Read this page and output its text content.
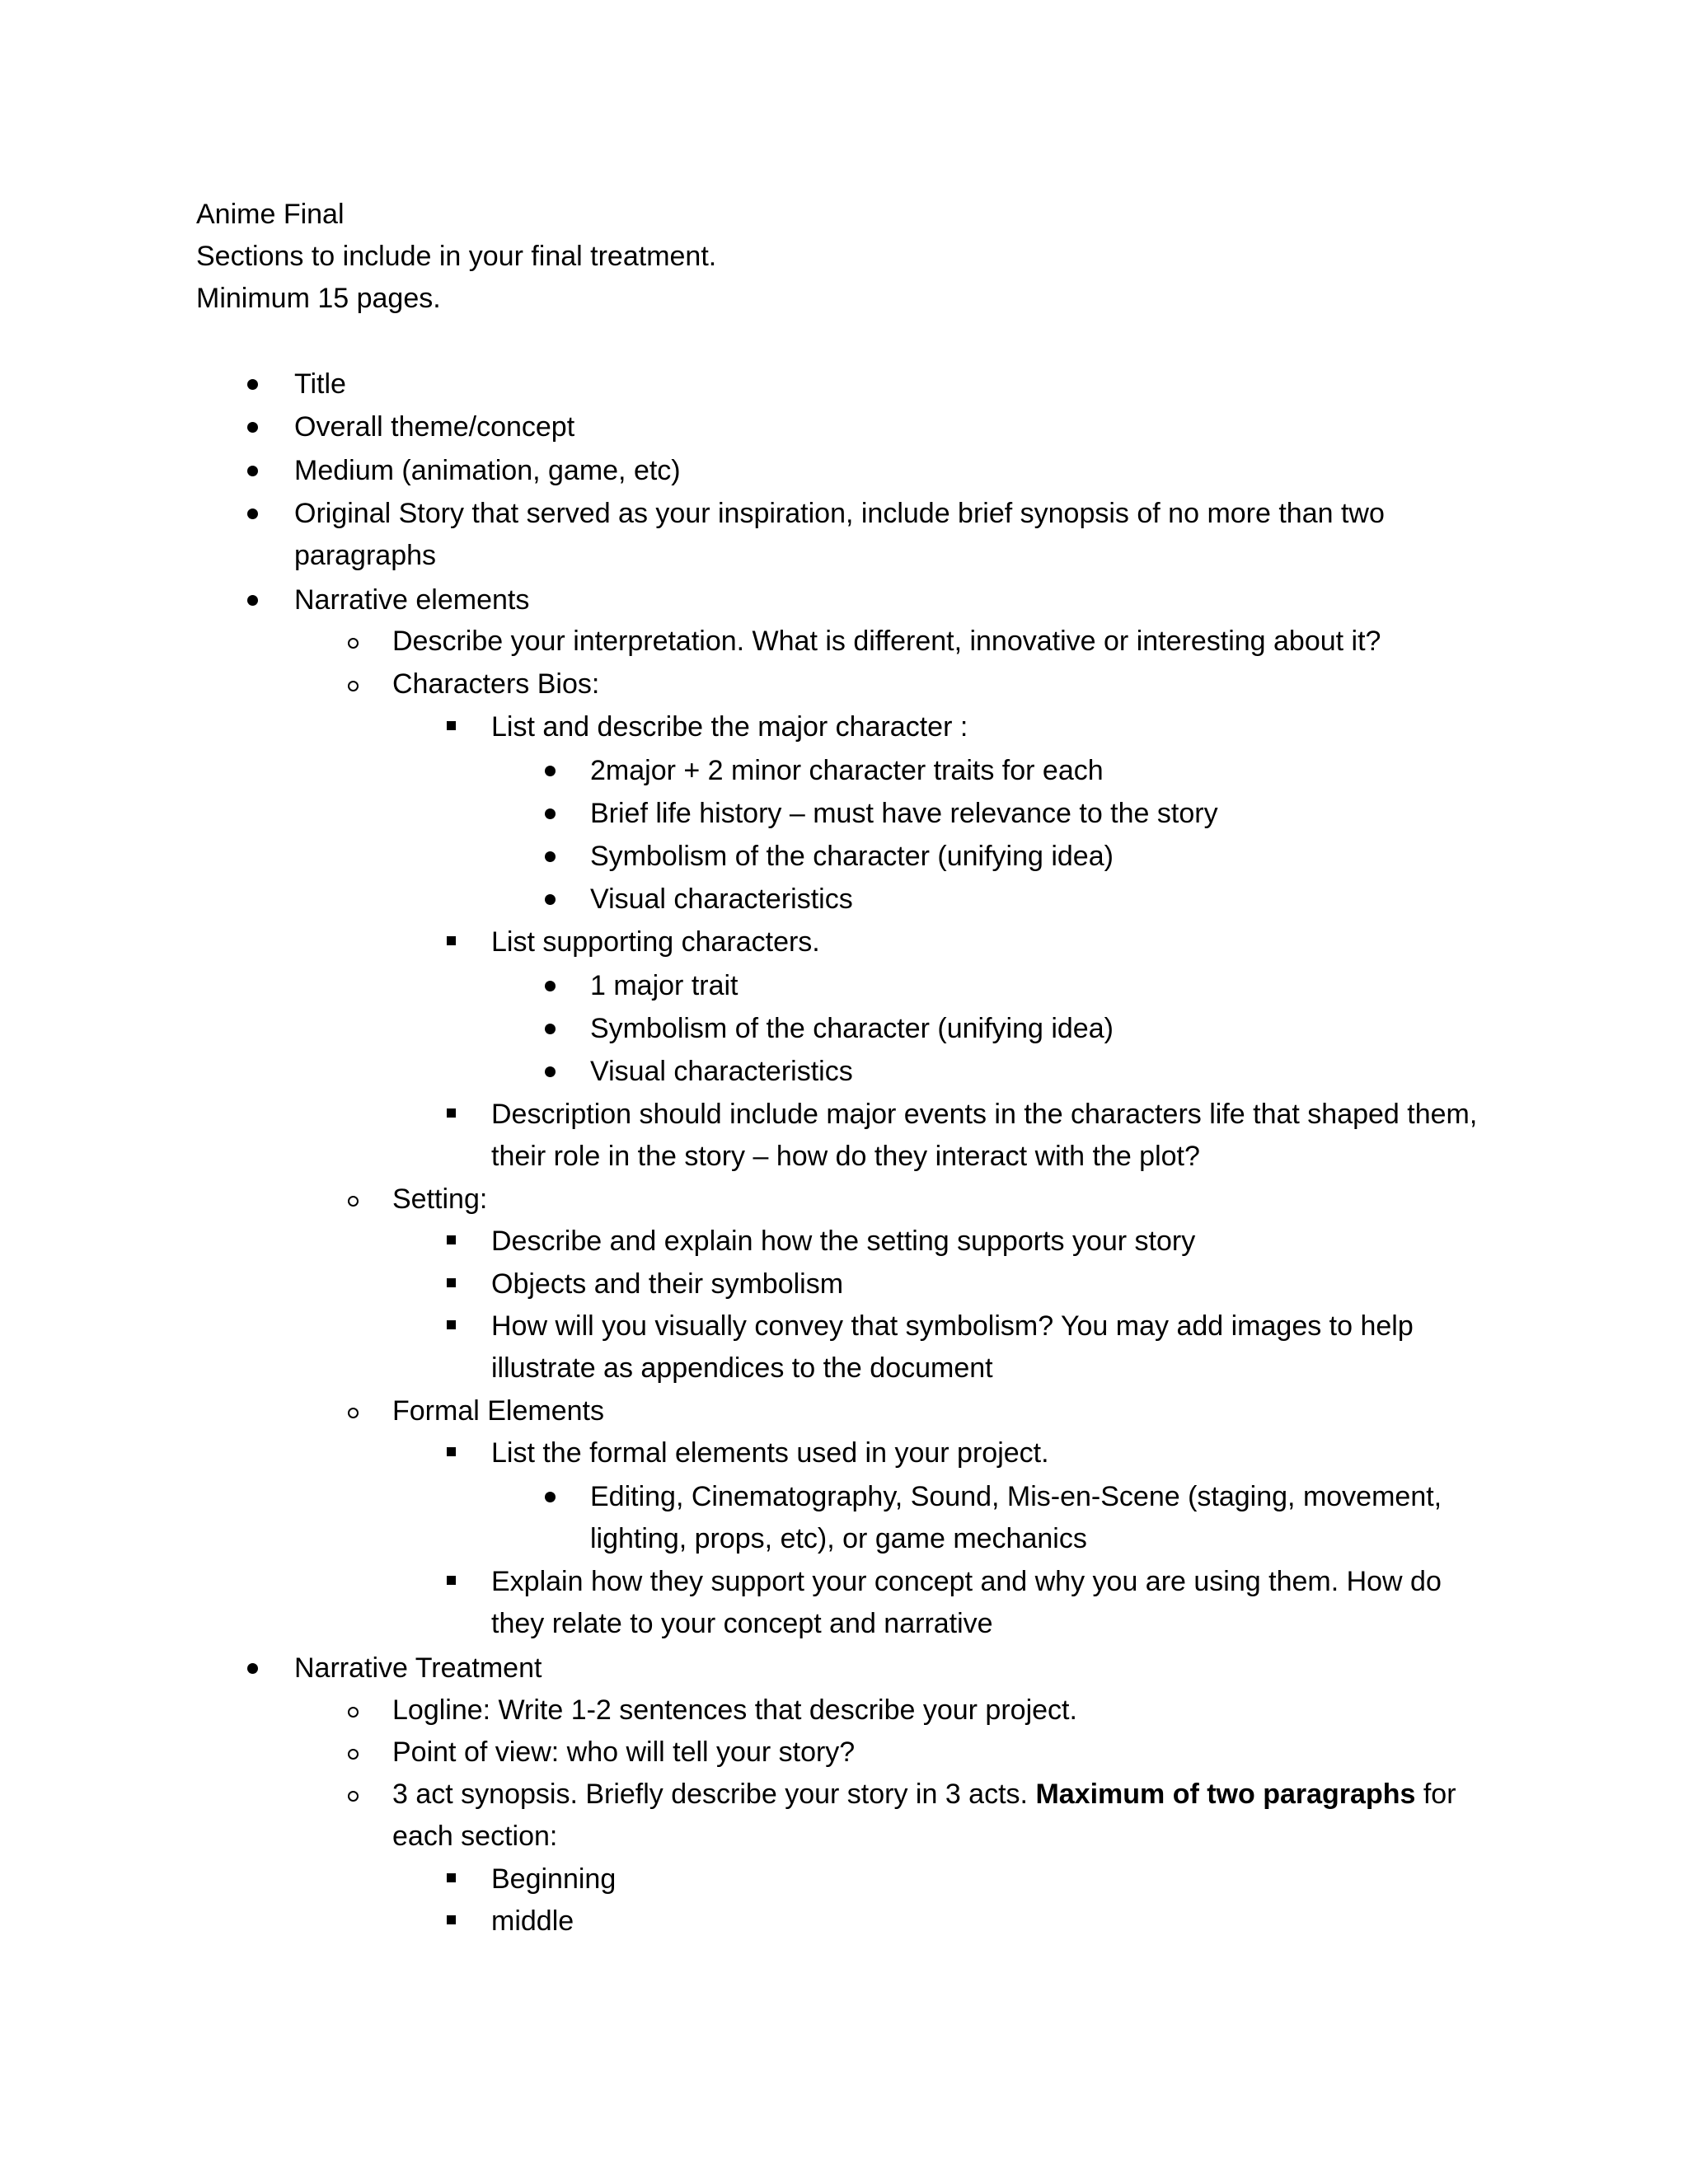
Anime Final
Sections to include in your final treatment.
Minimum 15 pages.
Title
Overall theme/concept
Medium (animation, game, etc)
Original Story that served as your inspiration, include brief synopsis of no more than two
paragraphs
Narrative elements
Describe your interpretation. What is different, innovative or interesting about it?
Characters Bios:
List and describe the major character :
2major + 2 minor character traits for each
Brief life history – must have relevance to the story
Symbolism of the character (unifying idea)
Visual characteristics
List supporting characters.
1 major trait
Symbolism of the character (unifying idea)
Visual characteristics
Description should include major events in the characters life that shaped them,
their role in the story – how do they interact with the plot?
Setting:
Describe and explain how the setting supports your story
Objects and their symbolism
How will you visually convey that symbolism? You may add images to help
illustrate as appendices to the document
Formal Elements
List the formal elements used in your project.
Editing, Cinematography, Sound, Mis-en-Scene (staging, movement,
lighting, props, etc), or game mechanics
Explain how they support your concept and why you are using them. How do
they relate to your concept and narrative
Narrative Treatment
Logline: Write 1-2 sentences that describe your project.
Point of view: who will tell your story?
3 act synopsis. Briefly describe your story in 3 acts. Maximum of two paragraphs for
each section:
Beginning
middle
